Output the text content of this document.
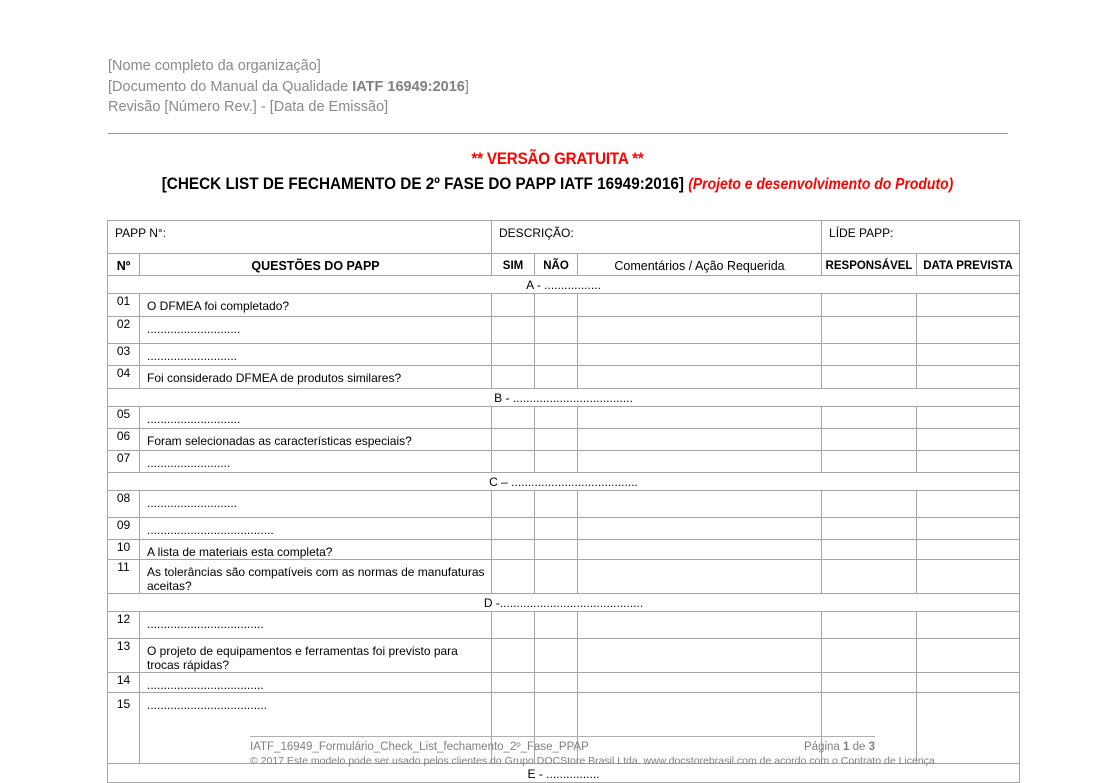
[Nome completo da organização]
[Documento do Manual da Qualidade IATF 16949:2016]
Revisão [Número Rev.] - [Data de Emissão]
** VERSÃO GRATUITA **
[CHECK LIST DE FECHAMENTO DE 2º FASE DO PAPP IATF 16949:2016] (Projeto e desenvolvimento do Produto)
PAPP N°:		DESCRIÇÃO:			LÍDE PAPP:	
Nº	QUESTÕES DO PAPP	SIM	NÃO	Comentários / Ação Requerida	RESPONSÁVEL	DATA PREVISTA
A - .................						
01	O DFMEA foi completado?					
02	............................					
03	...........................					
04	Foi considerado DFMEA de produtos similares?					
B - ....................................						
05	............................					
06	Foram selecionadas as características especiais?					
07	.........................					
C – ......................................						
08	...........................					
09	......................................					
10	A lista de materiais esta completa?					
11	As tolerâncias são compatíveis com as normas de manufaturas aceitas?					
D -...........................................						
12	...................................					
13	O projeto de equipamentos e ferramentas foi previsto para trocas rápidas?					
14	...................................					
15	....................................					
E - ................						
IATF_16949_Formulário_Check_List_fechamento_2º_Fase_PPAP	Página 1 de 3
© 2017 Este modelo pode ser usado pelos clientes do Grupo DOCStore Brasil Ltda. www.docstorebrasil.com de acordo com o Contrato de Licença
